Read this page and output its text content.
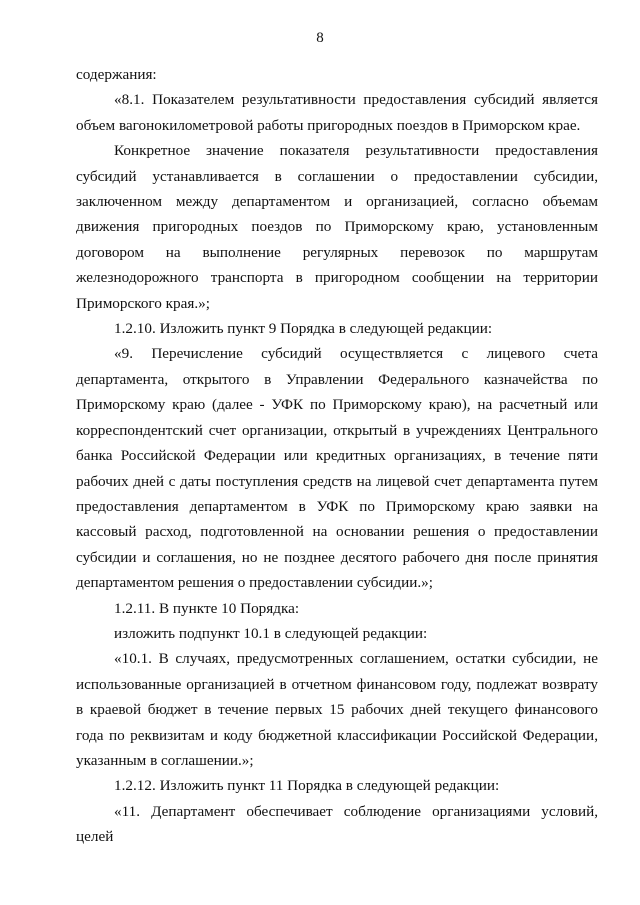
8

содержания:

«8.1. Показателем результативности предоставления субсидий является объем вагонокилометровой работы пригородных поездов в Приморском крае.

Конкретное значение показателя результативности предоставления субсидий устанавливается в соглашении о предоставлении субсидии, заключенном между департаментом и организацией, согласно объемам движения пригородных поездов по Приморскому краю, установленным договором на выполнение регулярных перевозок по маршрутам железнодорожного транспорта в пригородном сообщении на территории Приморского края.»;

1.2.10. Изложить пункт 9 Порядка в следующей редакции:

«9. Перечисление субсидий осуществляется с лицевого счета департамента, открытого в Управлении Федерального казначейства по Приморскому краю (далее - УФК по Приморскому краю), на расчетный или корреспондентский счет организации, открытый в учреждениях Центрального банка Российской Федерации или кредитных организациях, в течение пяти рабочих дней с даты поступления средств на лицевой счет департамента путем предоставления департаментом в УФК по Приморскому краю заявки на кассовый расход, подготовленной на основании решения о предоставлении субсидии и соглашения, но не позднее десятого рабочего дня после принятия департаментом решения о предоставлении субсидии.»;

1.2.11. В пункте 10 Порядка:

изложить подпункт 10.1 в следующей редакции:

«10.1. В случаях, предусмотренных соглашением, остатки субсидии, не использованные организацией в отчетном финансовом году, подлежат возврату в краевой бюджет в течение первых 15 рабочих дней текущего финансового года по реквизитам и коду бюджетной классификации Российской Федерации, указанным в соглашении.»;

1.2.12. Изложить пункт 11 Порядка в следующей редакции:

«11. Департамент обеспечивает соблюдение организациями условий, целей
